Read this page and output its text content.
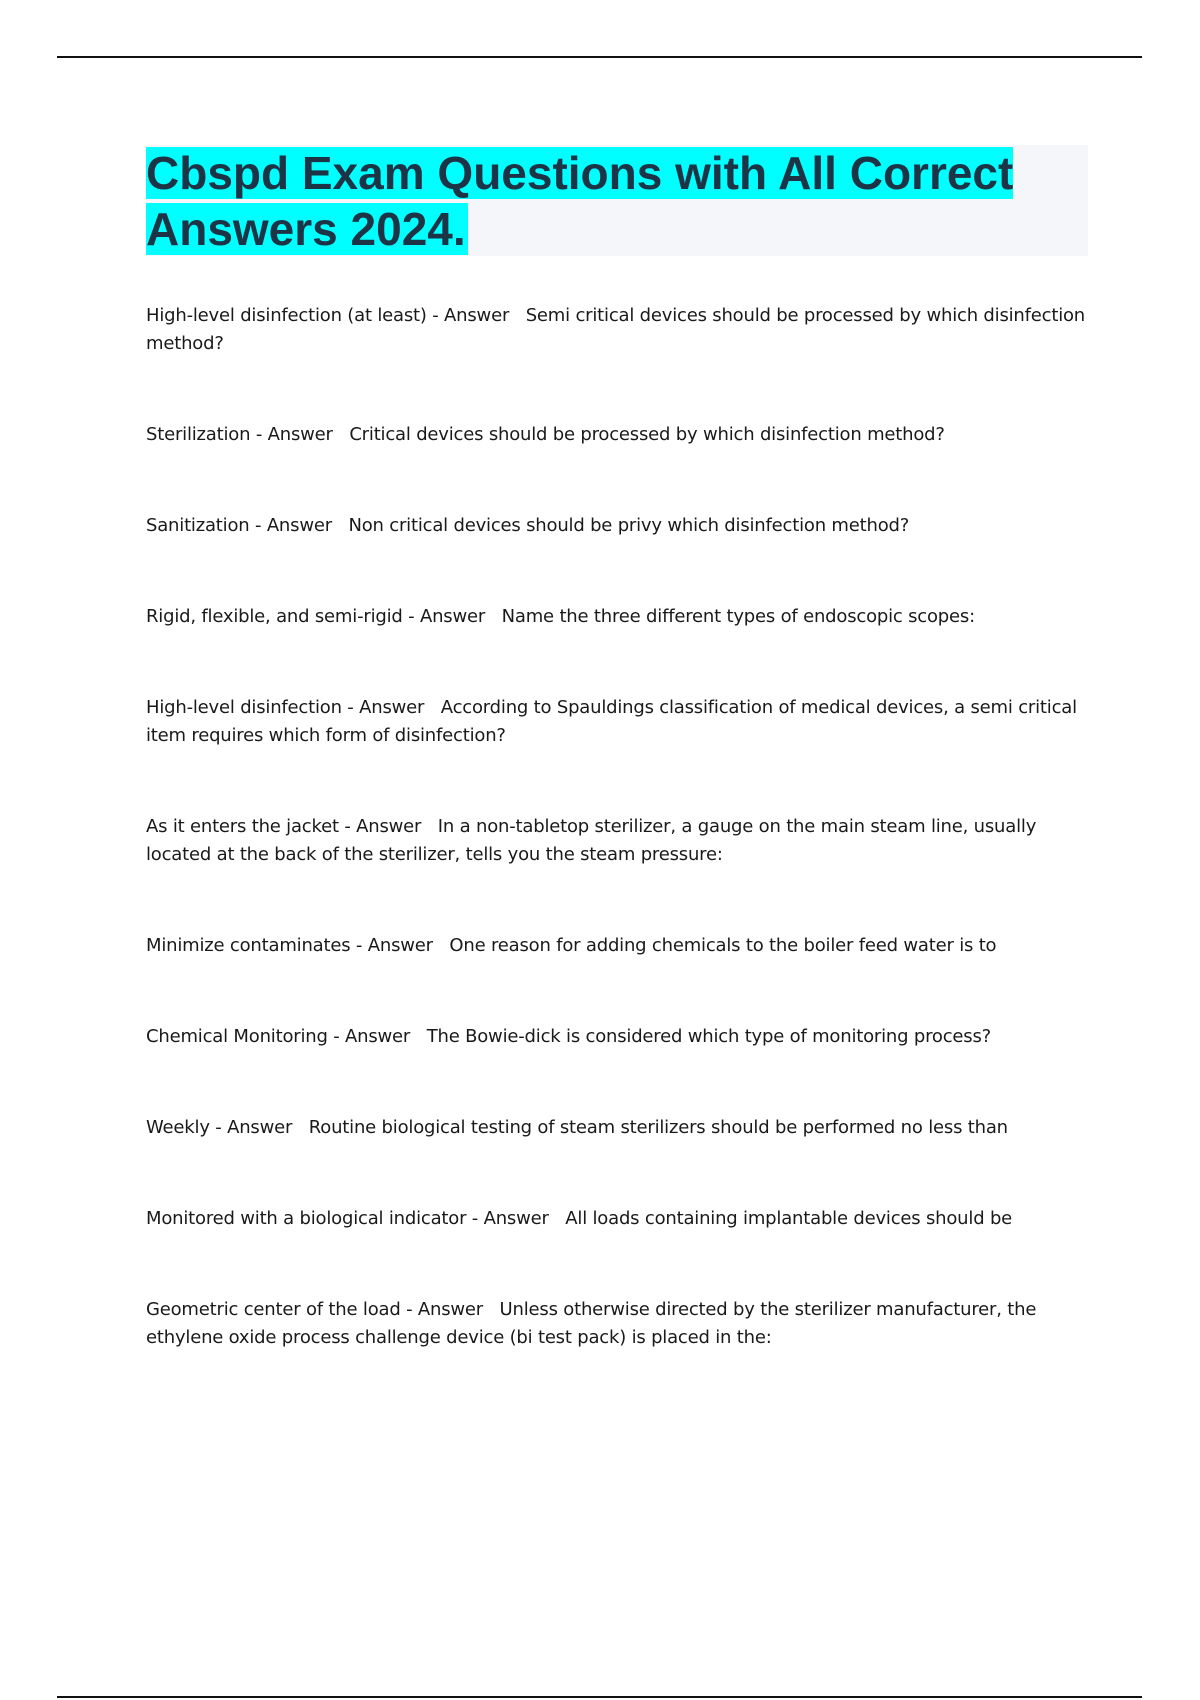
Cbspd Exam Questions with All Correct Answers 2024.
High-level disinfection (at least) - Answer   Semi critical devices should be processed by which disinfection method?
Sterilization - Answer   Critical devices should be processed by which disinfection method?
Sanitization - Answer   Non critical devices should be privy which disinfection method?
Rigid, flexible, and semi-rigid - Answer   Name the three different types of endoscopic scopes:
High-level disinfection - Answer   According to Spauldings classification of medical devices, a semi critical item requires which form of disinfection?
As it enters the jacket - Answer   In a non-tabletop sterilizer, a gauge on the main steam line, usually located at the back of the sterilizer, tells you the steam pressure:
Minimize contaminates - Answer   One reason for adding chemicals to the boiler feed water is to
Chemical Monitoring - Answer   The Bowie-dick is considered which type of monitoring process?
Weekly - Answer   Routine biological testing of steam sterilizers should be performed no less than
Monitored with a biological indicator - Answer   All loads containing implantable devices should be
Geometric center of the load - Answer   Unless otherwise directed by the sterilizer manufacturer, the ethylene oxide process challenge device (bi test pack) is placed in the:
